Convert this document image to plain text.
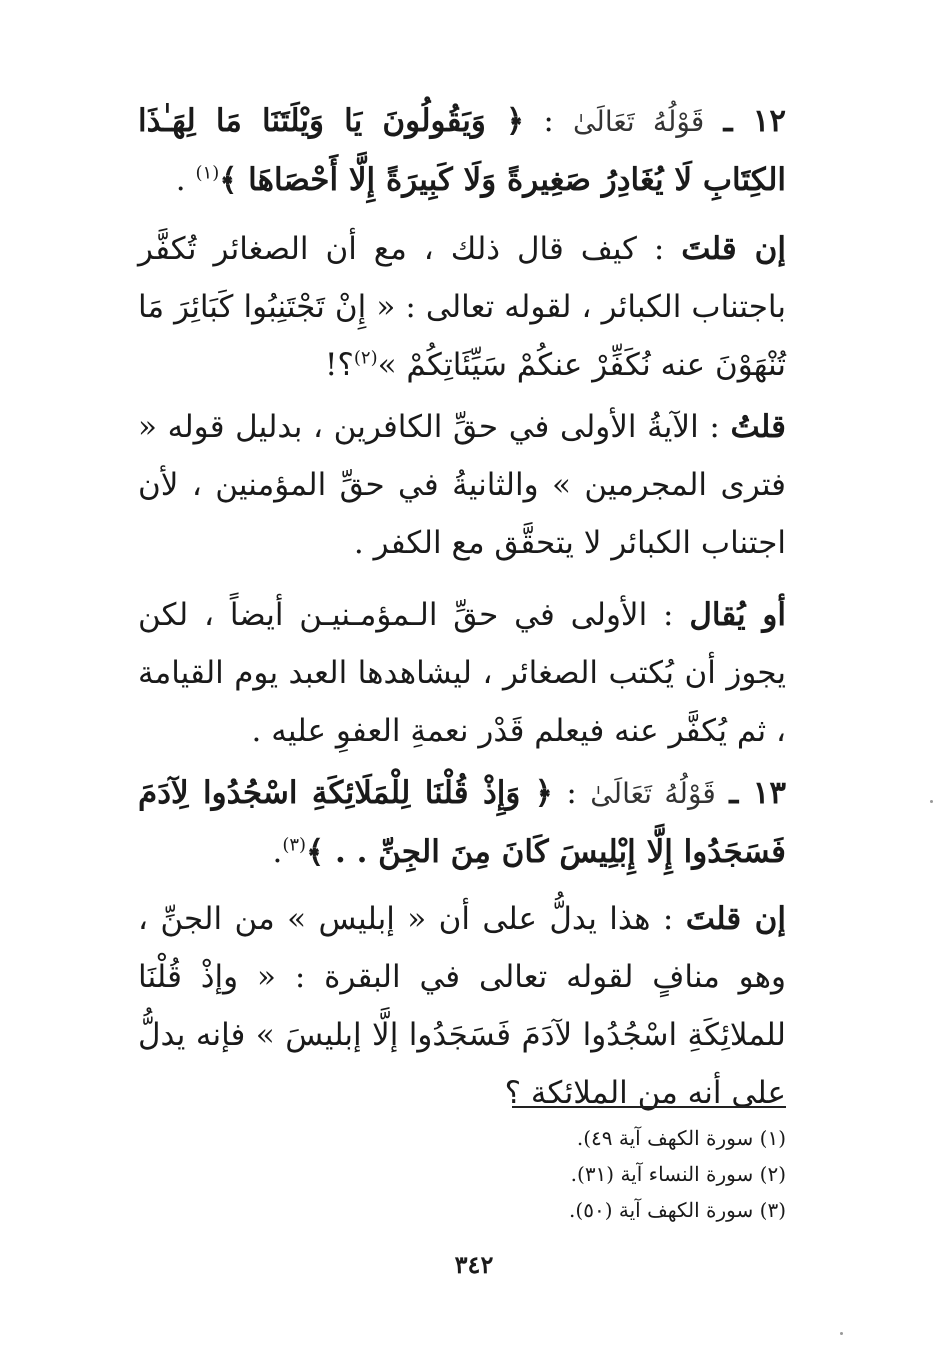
١٢ ـ قَوْلُهُ تَعَالَىٰ : ﴿ وَيَقُولُونَ يَا وَيْلَتَنَا مَا لِهَـٰذَا الكِتَابِ لَا يُغَادِرُ صَغِيرةً وَلَا كَبِيرَةً إِلَّا أَحْصَاهَا ﴾$^{(١)}$ .

إن قلتَ : كيف قال ذلك ، مع أن الصغائر تُكفَّر باجتناب الكبائر ، لقوله تعالى : « إِنْ تَجْتَنِبُوا كَبَائِرَ مَا تُنْهَوْنَ عنه نُكَفِّرْ عنكُمْ سَيِّئَاتِكُمْ »$^{(٢)}$؟!

قلتُ : الآيةُ الأولى في حقِّ الكافرين ، بدليل قوله « فترى المجرمين » والثانيةُ في حقِّ المؤمنين ، لأن اجتناب الكبائر لا يتحقَّق مع الكفر .

أو يُقال : الأولى في حقِّ الـمؤمـنيـن أيضاً ، لكن يجوز أن يُكتب الصغائر ، ليشاهدها العبد يوم القيامة ، ثم يُكفَّر عنه فيعلم قَدْر نعمةِ العفوِ عليه .

١٣ ـ قَوْلُهُ تَعَالَىٰ : ﴿ وَإِذْ قُلْنَا لِلْمَلَائِكَةِ اسْجُدُوا لِآدَمَ فَسَجَدُوا إِلَّا إِبْلِيسَ كَانَ مِنَ الجِنِّ . . ﴾$^{(٣)}$.

إن قلتَ : هذا يدلُّ على أن « إبليس » من الجنِّ ، وهو منافٍ لقوله تعالى في البقرة : « وإذْ قُلْنَا للملائِكَةِ اسْجُدُوا لآدَمَ فَسَجَدُوا إلَّا إبليسَ » فإنه يدلُّ على أنه من الملائكة ؟

(١) سورة الكهف آية ٤٩).
(٢) سورة النساء آية (٣١).
(٣) سورة الكهف آية (٥٠).
٣٤٢
